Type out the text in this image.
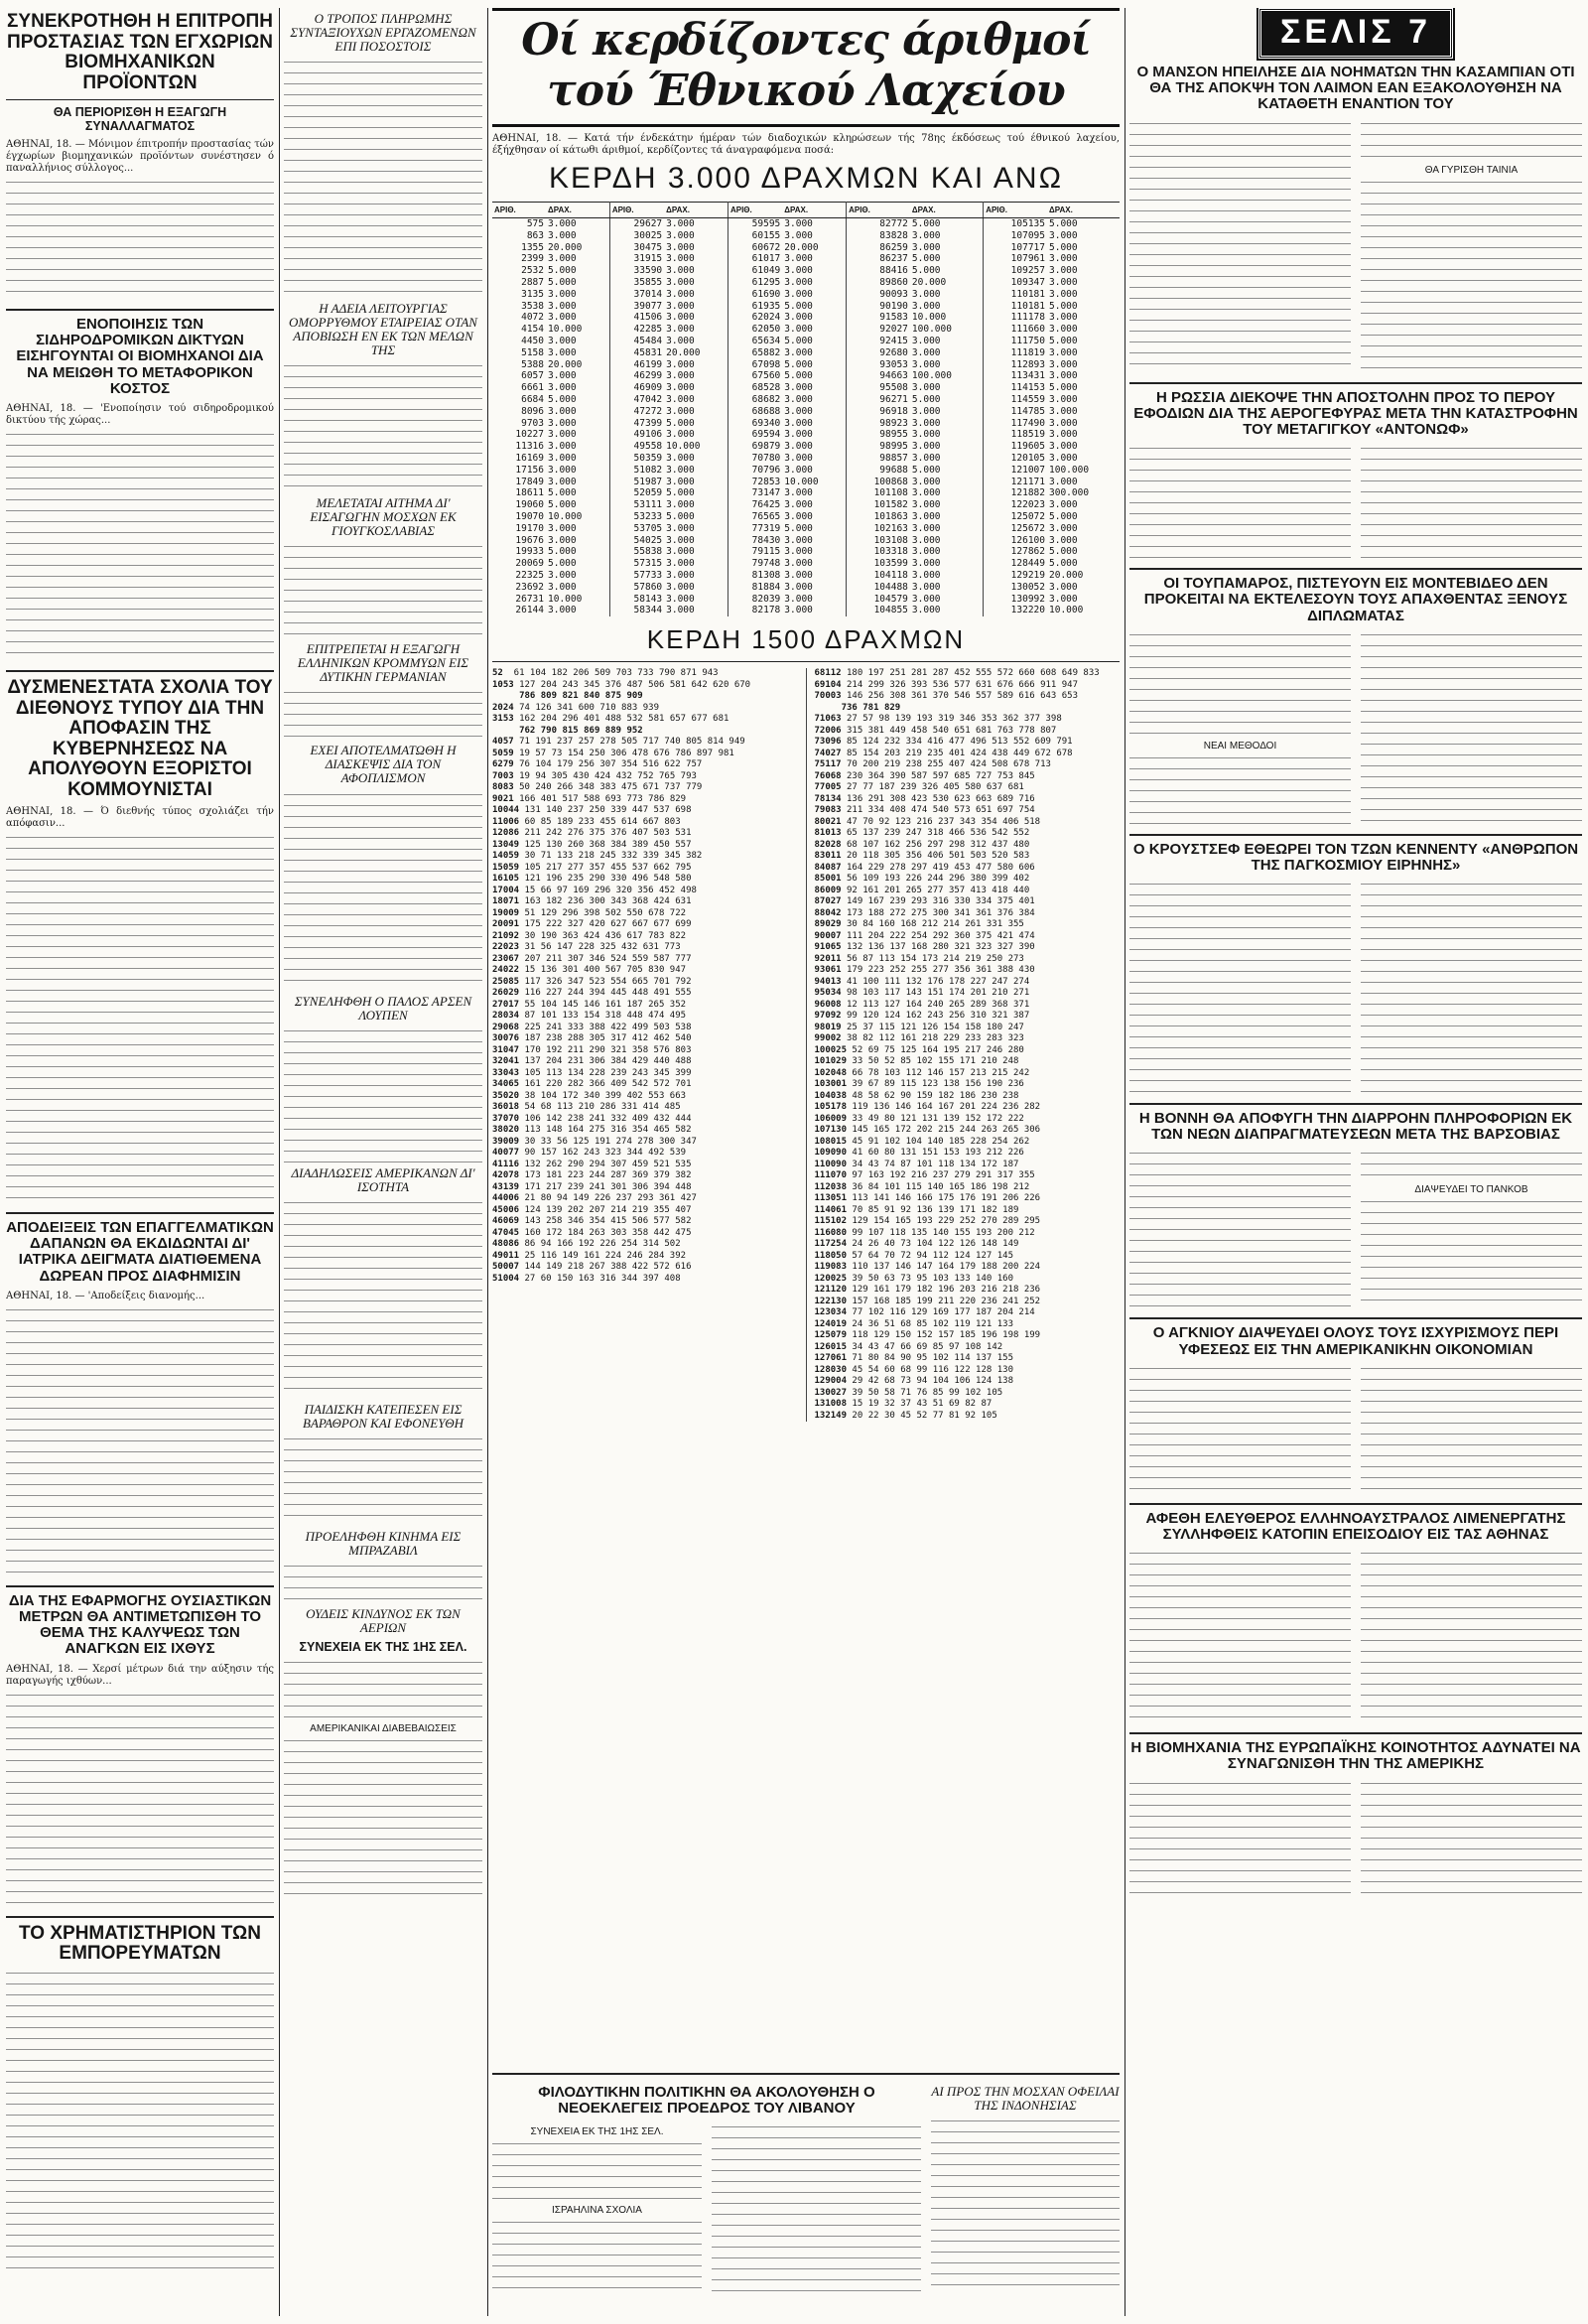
ΣΥΝΕΚΡΟΤΗΘΗ Η ΕΠΙΤΡΟΠΗ ΠΡΟΣΤΑΣΙΑΣ ΤΩΝ ΕΓΧΩΡΙΩΝ ΒΙΟΜΗΧΑΝΙΚΩΝ ΠΡΟΪΟΝΤΩΝ
ΘΑ ΠΕΡΙΟΡΙΣΘΗ Η ΕΞΑΓΩΓΗ ΣΥΝΑΛΛΑΓΜΑΤΟΣ
ΑΘΗΝΑΙ, 18. — Μόνιμον έπιτροπήν προστασίας τών έγχωρίων βιομηχανικών προϊόντων συνέστησεν ό παναλλήνιος σύλλογος...
ΕΝΟΠΟΙΗΣΙΣ ΤΩΝ ΣΙΔΗΡΟΔΡΟΜΙΚΩΝ ΔΙΚΤΥΩΝ ΕΙΣΗΓΟΥΝΤΑΙ ΟΙ ΒΙΟΜΗΧΑΝΟΙ ΔΙΑ ΝΑ ΜΕΙΩΘΗ ΤΟ ΜΕΤΑΦΟΡΙΚΟΝ ΚΟΣΤΟΣ
ΑΘΗΝΑΙ, 18. — 'Ενοποίησιν τού σιδηροδρομικού δικτύου τής χώρας...
ΔΥΣΜΕΝΕΣΤΑΤΑ ΣΧΟΛΙΑ ΤΟΥ ΔΙΕΘΝΟΥΣ ΤΥΠΟΥ ΔΙΑ ΤΗΝ ΑΠΟΦΑΣΙΝ ΤΗΣ ΚΥΒΕΡΝΗΣΕΩΣ ΝΑ ΑΠΟΛΥΘΟΥΝ ΕΞΟΡΙΣΤΟΙ ΚΟΜΜΟΥΝΙΣΤΑΙ
ΑΘΗΝΑΙ, 18. — Ό διεθνής τύπος σχολιάζει τήν απόφασιν...
ΑΠΟΔΕΙΞΕΙΣ ΤΩΝ ΕΠΑΓΓΕΛΜΑΤΙΚΩΝ ΔΑΠΑΝΩΝ ΘΑ ΕΚΔΙΔΩΝΤΑΙ ΔΙ' ΙΑΤΡΙΚΑ ΔΕΙΓΜΑΤΑ ΔΙΑΤΙΘΕΜΕΝΑ ΔΩΡΕΑΝ ΠΡΟΣ ΔΙΑΦΗΜΙΣΙΝ
ΑΘΗΝΑΙ, 18. — 'Αποδείξεις διανομής...
ΔΙΑ ΤΗΣ ΕΦΑΡΜΟΓΗΣ ΟΥΣΙΑΣΤΙΚΩΝ ΜΕΤΡΩΝ ΘΑ ΑΝΤΙΜΕΤΩΠΙΣΘΗ ΤΟ ΘΕΜΑ ΤΗΣ ΚΑΛΥΨΕΩΣ ΤΩΝ ΑΝΑΓΚΩΝ ΕΙΣ ΙΧΘΥΣ
ΑΘΗΝΑΙ, 18. — Χερσί μέτρων διά την αύξησιν τής παραγωγής ιχθύων...
ΤΟ ΧΡΗΜΑΤΙΣΤΗΡΙΟΝ ΤΩΝ ΕΜΠΟΡΕΥΜΑΤΩΝ
Ο ΤΡΟΠΟΣ ΠΛΗΡΩΜΗΣ ΣΥΝΤΑΞΙΟΥΧΩΝ ΕΡΓΑΖΟΜΕΝΩΝ ΕΠΙ ΠΟΣΟΣΤΟΙΣ
Η ΑΔΕΙΑ ΛΕΙΤΟΥΡΓΙΑΣ ΟΜΟΡΡΥΘΜΟΥ ΕΤΑΙΡΕΙΑΣ ΟΤΑΝ ΑΠΟΒΙΩΣΗ ΕΝ ΕΚ ΤΩΝ ΜΕΛΩΝ ΤΗΣ
ΜΕΛΕΤΑΤΑΙ ΑΙΤΗΜΑ ΔΙ' ΕΙΣΑΓΩΓΗΝ ΜΟΣΧΩΝ ΕΚ ΓΙΟΥΓΚΟΣΛΑΒΙΑΣ
ΕΠΙΤΡΕΠΕΤΑΙ Η ΕΞΑΓΩΓΗ ΕΛΛΗΝΙΚΩΝ ΚΡΟΜΜΥΩΝ ΕΙΣ ΔΥΤΙΚΗΝ ΓΕΡΜΑΝΙΑΝ
ΕΧΕΙ ΑΠΟΤΕΛΜΑΤΩΘΗ Η ΔΙΑΣΚΕΨΙΣ ΔΙΑ ΤΟΝ ΑΦΟΠΛΙΣΜΟΝ
ΣΥΝΕΛΗΦΘΗ Ο ΠΑΛΟΣ ΑΡΣΕΝ ΛΟΥΠΕΝ
ΔΙΑΔΗΛΩΣΕΙΣ ΑΜΕΡΙΚΑΝΩΝ ΔΙ' ΙΣΟΤΗΤΑ
ΠΑΙΔΙΣΚΗ ΚΑΤΕΠΕΣΕΝ ΕΙΣ ΒΑΡΑΘΡΟΝ ΚΑΙ ΕΦΟΝΕΥΘΗ
ΠΡΟΕΛΗΦΘΗ ΚΙΝΗΜΑ ΕΙΣ ΜΠΡΑΖΑΒΙΛ
ΟΥΔΕΙΣ ΚΙΝΔΥΝΟΣ ΕΚ ΤΩΝ ΑΕΡΙΩΝ
ΣΥΝΕΧΕΙΑ ΕΚ ΤΗΣ 1ΗΣ ΣΕΛ.
ΑΜΕΡΙΚΑΝΙΚΑΙ ΔΙΑΒΕΒΑΙΩΣΕΙΣ
Οί κερδίζοντες άριθμοί τού Έθνικού Λαχείου
ΑΘΗΝΑΙ, 18. — Κατά τήν ένδεκάτην ήμέραν τών διαδοχικών κληρώσεων τής 78ης έκδόσεως τού έθνικού λαχείου, έξήχθησαν οί κάτωθι άριθμοί, κερδίζοντες τά άναγραφόμενα ποσά:
ΚΕΡΔΗ 3.000 ΔΡΑΧΜΩΝ ΚΑΙ ΑΝΩ
ΑΡΙΘ.	ΔΡΑΧ.	ΑΡΙΘ.	ΔΡΑΧ.	ΑΡΙΘ.	ΔΡΑΧ.	ΑΡΙΘ.	ΔΡΑΧ.	ΑΡΙΘ.	ΔΡΑΧ.
575	3.000	29627	3.000	59595	3.000	82772	5.000	105135	5.000
863	3.000	30025	3.000	60155	3.000	83828	3.000	107095	3.000
1355	20.000	30475	3.000	60672	20.000	86259	3.000	107717	5.000
2399	3.000	31915	3.000	61017	3.000	86237	5.000	107961	3.000
2532	5.000	33590	3.000	61049	3.000	88416	5.000	109257	3.000
2887	5.000	35855	3.000	61295	3.000	89860	20.000	109347	3.000
3135	3.000	37014	3.000	61690	3.000	90093	3.000	110181	3.000
3538	3.000	39077	3.000	61935	5.000	90190	3.000	110181	5.000
4072	3.000	41506	3.000	62024	3.000	91583	10.000	111178	3.000
4154	10.000	42285	3.000	62050	3.000	92027	100.000	111660	3.000
4450	3.000	45484	3.000	65634	5.000	92415	3.000	111750	5.000
5158	3.000	45831	20.000	65882	3.000	92680	3.000	111819	3.000
5388	20.000	46199	3.000	67098	5.000	93053	3.000	112893	3.000
6057	3.000	46299	3.000	67560	5.000	94663	100.000	113431	3.000
6661	3.000	46909	3.000	68528	3.000	95508	3.000	114153	5.000
6684	5.000	47042	3.000	68682	3.000	96271	5.000	114559	3.000
8096	3.000	47272	3.000	68688	3.000	96918	3.000	114785	3.000
9703	3.000	47399	5.000	69340	3.000	98923	3.000	117490	3.000
10227	3.000	49106	3.000	69594	3.000	98955	3.000	118519	3.000
11316	3.000	49558	10.000	69879	3.000	98995	3.000	119605	3.000
16169	3.000	50359	3.000	70780	3.000	98857	3.000	120105	3.000
17156	3.000	51082	3.000	70796	3.000	99688	5.000	121007	100.000
17849	3.000	51987	3.000	72853	10.000	100868	3.000	121171	3.000
18611	5.000	52059	5.000	73147	3.000	101108	3.000	121882	300.000
19060	5.000	53111	3.000	76425	3.000	101582	3.000	122023	3.000
19070	10.000	53233	5.000	76565	3.000	101863	3.000	125072	5.000
19170	3.000	53705	3.000	77319	5.000	102163	3.000	125672	3.000
19676	3.000	54025	3.000	78430	3.000	103108	3.000	126100	3.000
19933	5.000	55838	3.000	79115	3.000	103318	3.000	127862	5.000
20069	5.000	57315	3.000	79748	3.000	103599	3.000	128449	5.000
22325	3.000	57733	3.000	81308	3.000	104118	3.000	129219	20.000
23692	3.000	57860	3.000	81884	3.000	104488	3.000	130052	3.000
26731	10.000	58143	3.000	82039	3.000	104579	3.000	130992	3.000
26144	3.000	58344	3.000	82178	3.000	104855	3.000	132220	10.000
ΚΕΡΔΗ 1500 ΔΡΑΧΜΩΝ
52  61 104 182 206 509 703 733 790 871 943
1053 127 204 243 345 376 487 506 581 642 620 670
786 809 821 840 875 909
2024 74 126 341 600 710 883 939
3153 162 204 296 401 488 532 581 657 677 681
762 790 815 869 889 952
4057 71 191 237 257 278 505 717 740 805 814 949
5059 19 57 73 154 250 306 478 676 786 897 981
6279 76 104 179 256 307 354 516 622 757
7003 19 94 305 430 424 432 752 765 793
8083 50 240 266 348 383 475 671 737 779
9021 166 401 517 588 693 773 786 829
10044 131 140 237 250 339 447 537 698
11006 60 85 189 233 455 614 667 803
12086 211 242 276 375 376 407 503 531
13049 125 130 260 368 384 389 450 557
14059 30 71 133 218 245 332 339 345 382
15059 105 217 277 357 455 537 662 795
16105 121 196 235 290 330 496 548 580
17004 15 66 97 169 296 320 356 452 498
18071 163 182 236 300 343 368 424 631
19009 51 129 296 398 502 550 678 722
20091 175 222 327 420 627 667 677 699
21092 30 190 363 424 436 617 783 822
22023 31 56 147 228 325 432 631 773
23067 207 211 307 346 524 559 587 777
24022 15 136 301 400 567 705 830 947
25085 117 326 347 523 554 665 701 792
26029 116 227 244 394 445 448 491 555
27017 55 104 145 146 161 187 265 352
28034 87 101 133 154 318 448 474 495
29068 225 241 333 388 422 499 503 538
30076 187 238 288 305 317 412 462 540
31047 170 192 211 290 321 358 576 803
32041 137 204 231 306 384 429 440 488
33043 105 113 134 228 239 243 345 399
34065 161 220 282 366 409 542 572 701
35020 38 104 172 340 399 402 553 663
36018 54 68 113 210 286 331 414 485
37070 106 142 238 241 332 409 432 444
38020 113 148 164 275 316 354 465 582
39009 30 33 56 125 191 274 278 300 347
40077 90 157 162 243 323 344 492 539
41116 132 262 290 294 307 459 521 535
42078 173 181 223 244 287 369 379 382
43139 171 217 239 241 301 306 394 448
44006 21 80 94 149 226 237 293 361 427
45006 124 139 202 207 214 219 355 407
46069 143 258 346 354 415 506 577 582
47045 160 172 184 263 303 358 442 475
48086 86 94 166 192 226 254 314 502
49011 25 116 149 161 224 246 284 392
50007 144 149 218 267 388 422 572 616
51004 27 60 150 163 316 344 397 408
68112 180 197 251 281 287 452 555 572 660 608 649 833
69104 214 299 326 393 536 577 631 676 666 911 947
70003 146 256 308 361 370 546 557 589 616 643 653
736 781 829
71063 27 57 98 139 193 319 346 353 362 377 398
72006 315 381 449 458 540 651 681 763 778 807
73096 85 124 232 334 416 477 496 513 552 609 791
74027 85 154 203 219 235 401 424 438 449 672 678
75117 70 200 219 238 255 407 424 508 678 713
76068 230 364 390 587 597 685 727 753 845
77005 27 77 187 239 326 405 580 637 681
78134 136 291 308 423 530 623 663 689 716
79083 211 334 408 474 540 573 651 697 754
80021 47 70 92 123 216 237 343 354 406 518
81013 65 137 239 247 318 466 536 542 552
82028 68 107 162 256 297 298 312 437 480
83011 20 118 305 356 406 501 503 520 583
84087 164 229 278 297 419 453 477 580 606
85001 56 109 193 226 244 296 380 399 402
86009 92 161 201 265 277 357 413 418 440
87027 149 167 239 293 316 330 334 375 401
88042 173 188 272 275 300 341 361 376 384
89029 30 84 160 168 212 214 261 331 355
90007 111 204 222 254 292 360 375 421 474
91065 132 136 137 168 280 321 323 327 390
92011 56 87 113 154 173 214 219 250 273
93061 179 223 252 255 277 356 361 388 430
94013 41 100 111 132 176 178 227 247 274
95034 98 103 117 143 151 174 201 210 271
96008 12 113 127 164 240 265 289 368 371
97092 99 120 124 162 243 256 310 321 387
98019 25 37 115 121 126 154 158 180 247
99002 38 82 112 161 218 229 233 283 323
100025 52 69 75 125 164 195 217 246 280
101029 33 50 52 85 102 155 171 210 248
102048 66 78 103 112 146 157 213 215 242
103001 39 67 89 115 123 138 156 190 236
104038 48 58 62 90 159 182 186 230 238
105178 119 136 146 164 167 201 224 236 282
106009 33 49 80 121 131 139 152 172 222
107130 145 165 172 202 215 244 263 265 306
108015 45 91 102 104 140 185 228 254 262
109090 41 60 80 131 151 153 193 212 226
110090 34 43 74 87 101 118 134 172 187
111070 97 163 192 216 237 279 291 317 355
112038 36 84 101 115 140 165 186 198 212
113051 113 141 146 166 175 176 191 206 226
114061 70 85 91 92 136 139 171 182 189
115102 129 154 165 193 229 252 270 289 295
116080 99 107 118 135 140 155 193 200 212
117254 24 26 40 73 104 122 126 148 149
118050 57 64 70 72 94 112 124 127 145
119083 110 137 146 147 164 179 188 200 224
120025 39 50 63 73 95 103 133 140 160
121120 129 161 179 182 196 203 216 218 236
122130 157 168 185 199 211 220 236 241 252
123034 77 102 116 129 169 177 187 204 214
124019 24 36 51 68 85 102 119 121 133
125079 118 129 150 152 157 185 196 198 199
126015 34 43 47 66 69 85 97 108 142
127061 71 80 84 90 95 102 114 137 155
128030 45 54 60 68 99 116 122 128 130
129004 29 42 68 73 94 104 106 124 138
130027 39 50 58 71 76 85 99 102 105
131008 15 19 32 37 43 51 69 82 87
132149 20 22 30 45 52 77 81 92 105
ΦΙΛΟΔΥΤΙΚΗΝ ΠΟΛΙΤΙΚΗΝ ΘΑ ΑΚΟΛΟΥΘΗΣΗ Ο ΝΕΟΕΚΛΕΓΕΙΣ ΠΡΟΕΔΡΟΣ ΤΟΥ ΛΙΒΑΝΟΥ
ΣΥΝΕΧΕΙΑ ΕΚ ΤΗΣ 1ΗΣ ΣΕΛ.
ΙΣΡΑΗΛΙΝΑ ΣΧΟΛΙΑ
ΑΙ ΠΡΟΣ ΤΗΝ ΜΟΣΧΑΝ ΟΦΕΙΛΑΙ ΤΗΣ ΙΝΔΟΝΗΣΙΑΣ
ΣΕΛΙΣ 7
Ο ΜΑΝΣΟΝ ΗΠΕΙΛΗΣΕ ΔΙΑ ΝΟΗΜΑΤΩΝ ΤΗΝ ΚΑΣΑΜΠΙΑΝ ΟΤΙ ΘΑ ΤΗΣ ΑΠΟΚΨΗ ΤΟΝ ΛΑΙΜΟΝ ΕΑΝ ΕΞΑΚΟΛΟΥΘΗΣΗ ΝΑ ΚΑΤΑΘΕΤΗ ΕΝΑΝΤΙΟΝ ΤΟΥ
ΘΑ ΓΥΡΙΣΘΗ ΤΑΙΝΙΑ
Η ΡΩΣΣΙΑ ΔΙΕΚΟΨΕ ΤΗΝ ΑΠΟΣΤΟΛΗΝ ΠΡΟΣ ΤΟ ΠΕΡΟΥ ΕΦΟΔΙΩΝ ΔΙΑ ΤΗΣ ΑΕΡΟΓΕΦΥΡΑΣ ΜΕΤΑ ΤΗΝ ΚΑΤΑΣΤΡΟΦΗΝ ΤΟΥ ΜΕΤΑΓΙΓΚΟΥ «ΑΝΤΟΝΩΦ»
ΟΙ ΤΟΥΠΑΜΑΡΟΣ, ΠΙΣΤΕΥΟΥΝ ΕΙΣ ΜΟΝΤΕΒΙΔΕΟ ΔΕΝ ΠΡΟΚΕΙΤΑΙ ΝΑ ΕΚΤΕΛΕΣΟΥΝ ΤΟΥΣ ΑΠΑΧΘΕΝΤΑΣ ΞΕΝΟΥΣ ΔΙΠΛΩΜΑΤΑΣ
ΝΕΑΙ ΜΕΘΟΔΟΙ
Ο ΚΡΟΥΣΤΣΕΦ ΕΘΕΩΡΕΙ ΤΟΝ ΤΖΩΝ ΚΕΝΝΕΝΤΥ «ΑΝΘΡΩΠΟΝ ΤΗΣ ΠΑΓΚΟΣΜΙΟΥ ΕΙΡΗΝΗΣ»
Η ΒΟΝΝΗ ΘΑ ΑΠΟΦΥΓΗ ΤΗΝ ΔΙΑΡΡΟΗΝ ΠΛΗΡΟΦΟΡΙΩΝ ΕΚ ΤΩΝ ΝΕΩΝ ΔΙΑΠΡΑΓΜΑΤΕΥΣΕΩΝ ΜΕΤΑ ΤΗΣ ΒΑΡΣΟΒΙΑΣ
ΔΙΑΨΕΥΔΕΙ ΤΟ ΠΑΝΚΟΒ
Ο ΑΓΚΝΙΟΥ ΔΙΑΨΕΥΔΕΙ ΟΛΟΥΣ ΤΟΥΣ ΙΣΧΥΡΙΣΜΟΥΣ ΠΕΡΙ ΥΦΕΣΕΩΣ ΕΙΣ ΤΗΝ ΑΜΕΡΙΚΑΝΙΚΗΝ ΟΙΚΟΝΟΜΙΑΝ
ΑΦΕΘΗ ΕΛΕΥΘΕΡΟΣ ΕΛΛΗΝΟΑΥΣΤΡΑΛΟΣ ΛΙΜΕΝΕΡΓΑΤΗΣ ΣΥΛΛΗΦΘΕΙΣ ΚΑΤΟΠΙΝ ΕΠΕΙΣΟΔΙΟΥ ΕΙΣ ΤΑΣ ΑΘΗΝΑΣ
Η ΒΙΟΜΗΧΑΝΙΑ ΤΗΣ ΕΥΡΩΠΑΪΚΗΣ ΚΟΙΝΟΤΗΤΟΣ ΑΔΥΝΑΤΕΙ ΝΑ ΣΥΝΑΓΩΝΙΣΘΗ ΤΗΝ ΤΗΣ ΑΜΕΡΙΚΗΣ
